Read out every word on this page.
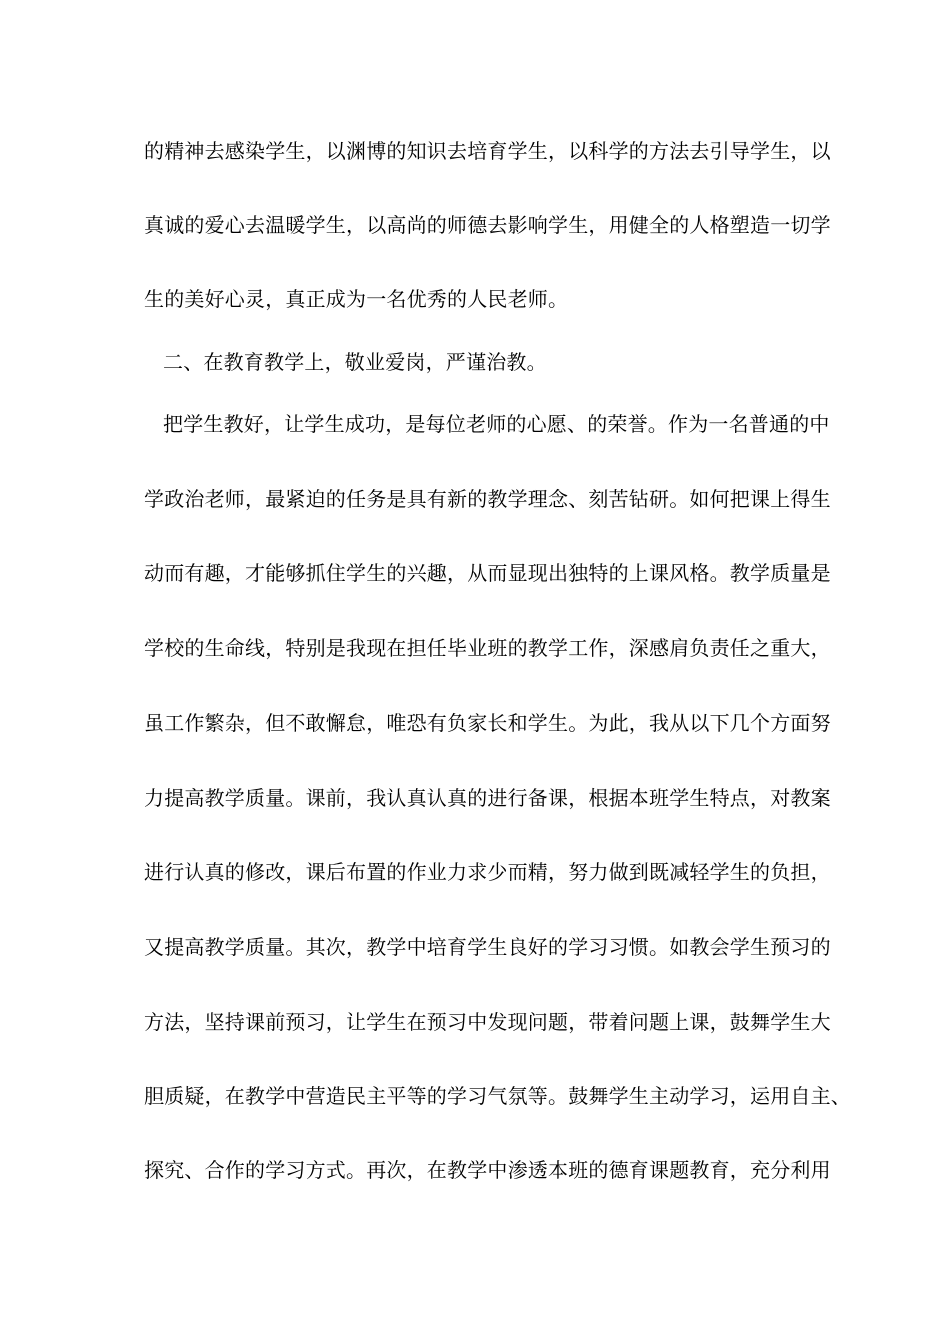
的精神去感染学生，以渊博的知识去培育学生，以科学的方法去引导学生，以
真诚的爱心去温暖学生，以高尚的师德去影响学生，用健全的人格塑造一切学
生的美好心灵，真正成为一名优秀的人民老师。
二、在教育教学上，敬业爱岗，严谨治教。
把学生教好，让学生成功，是每位老师的心愿、的荣誉。作为一名普通的中
学政治老师，最紧迫的任务是具有新的教学理念、刻苦钻研。如何把课上得生
动而有趣，才能够抓住学生的兴趣，从而显现出独特的上课风格。教学质量是
学校的生命线，特别是我现在担任毕业班的教学工作，深感肩负责任之重大，
虽工作繁杂，但不敢懈怠，唯恐有负家长和学生。为此，我从以下几个方面努
力提高教学质量。课前，我认真认真的进行备课，根据本班学生特点，对教案
进行认真的修改，课后布置的作业力求少而精，努力做到既减轻学生的负担，
又提高教学质量。其次，教学中培育学生良好的学习习惯。如教会学生预习的
方法，坚持课前预习，让学生在预习中发现问题，带着问题上课，鼓舞学生大
胆质疑，在教学中营造民主平等的学习气氛等。鼓舞学生主动学习，运用自主、
探究、合作的学习方式。再次，在教学中渗透本班的德育课题教育，充分利用
